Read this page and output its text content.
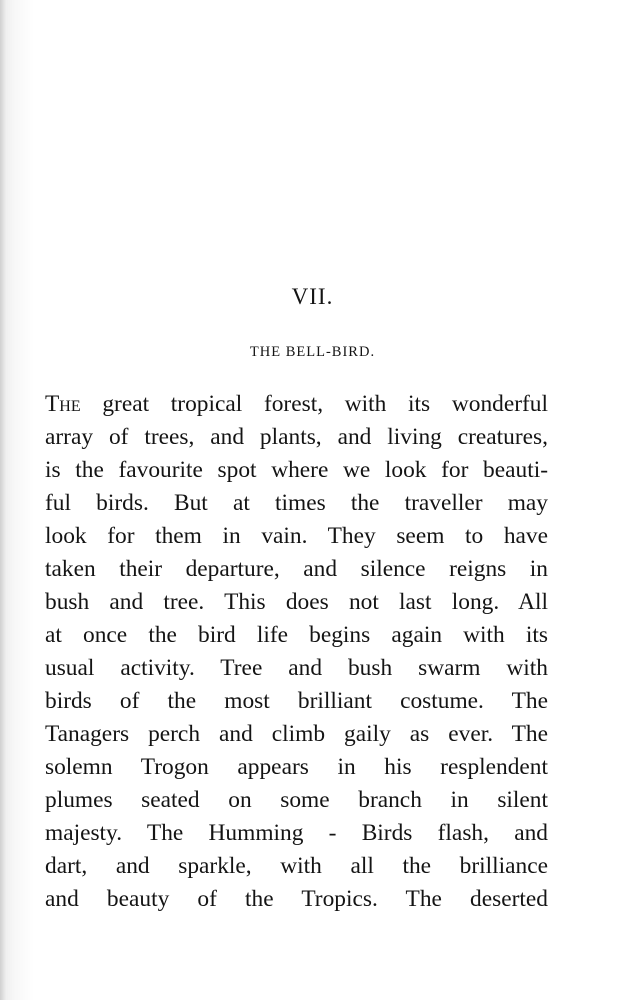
VII.
THE BELL-BIRD.
The great tropical forest, with its wonderful
array of trees, and plants, and living creatures,
is the favourite spot where we look for beauti-
ful birds. But at times the traveller may
look for them in vain. They seem to have
taken their departure, and silence reigns in
bush and tree. This does not last long. All
at once the bird life begins again with its
usual activity. Tree and bush swarm with
birds of the most brilliant costume. The
Tanagers perch and climb gaily as ever. The
solemn Trogon appears in his resplendent
plumes seated on some branch in silent
majesty. The Humming - Birds flash, and
dart, and sparkle, with all the brilliance
and beauty of the Tropics. The deserted
